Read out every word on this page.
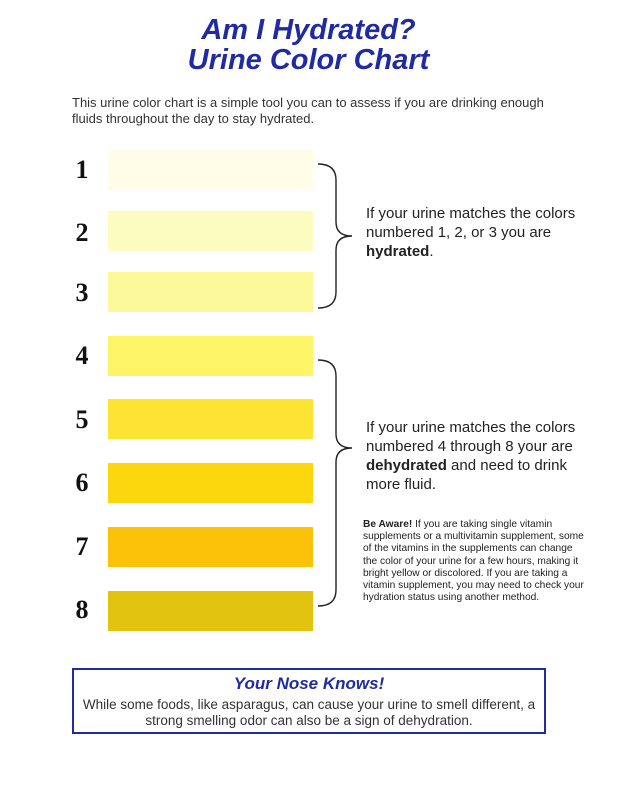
Am I Hydrated?
Urine Color Chart

This urine color chart is a simple tool you can to assess if you are drinking enough fluids throughout the day to stay hydrated.

1
2
3
4
5
6
7
8

If your urine matches the colors numbered 1, 2, or 3 you are hydrated.

If your urine matches the colors numbered 4 through 8 your are dehydrated and need to drink more fluid.

Be Aware! If you are taking single vitamin supplements or a multivitamin supplement, some of the vitamins in the supplements can change the color of your urine for a few hours, making it bright yellow or discolored. If you are taking a vitamin supplement, you may need to check your hydration status using another method.

Your Nose Knows!
While some foods, like asparagus, can cause your urine to smell different, a strong smelling odor can also be a sign of dehydration.
